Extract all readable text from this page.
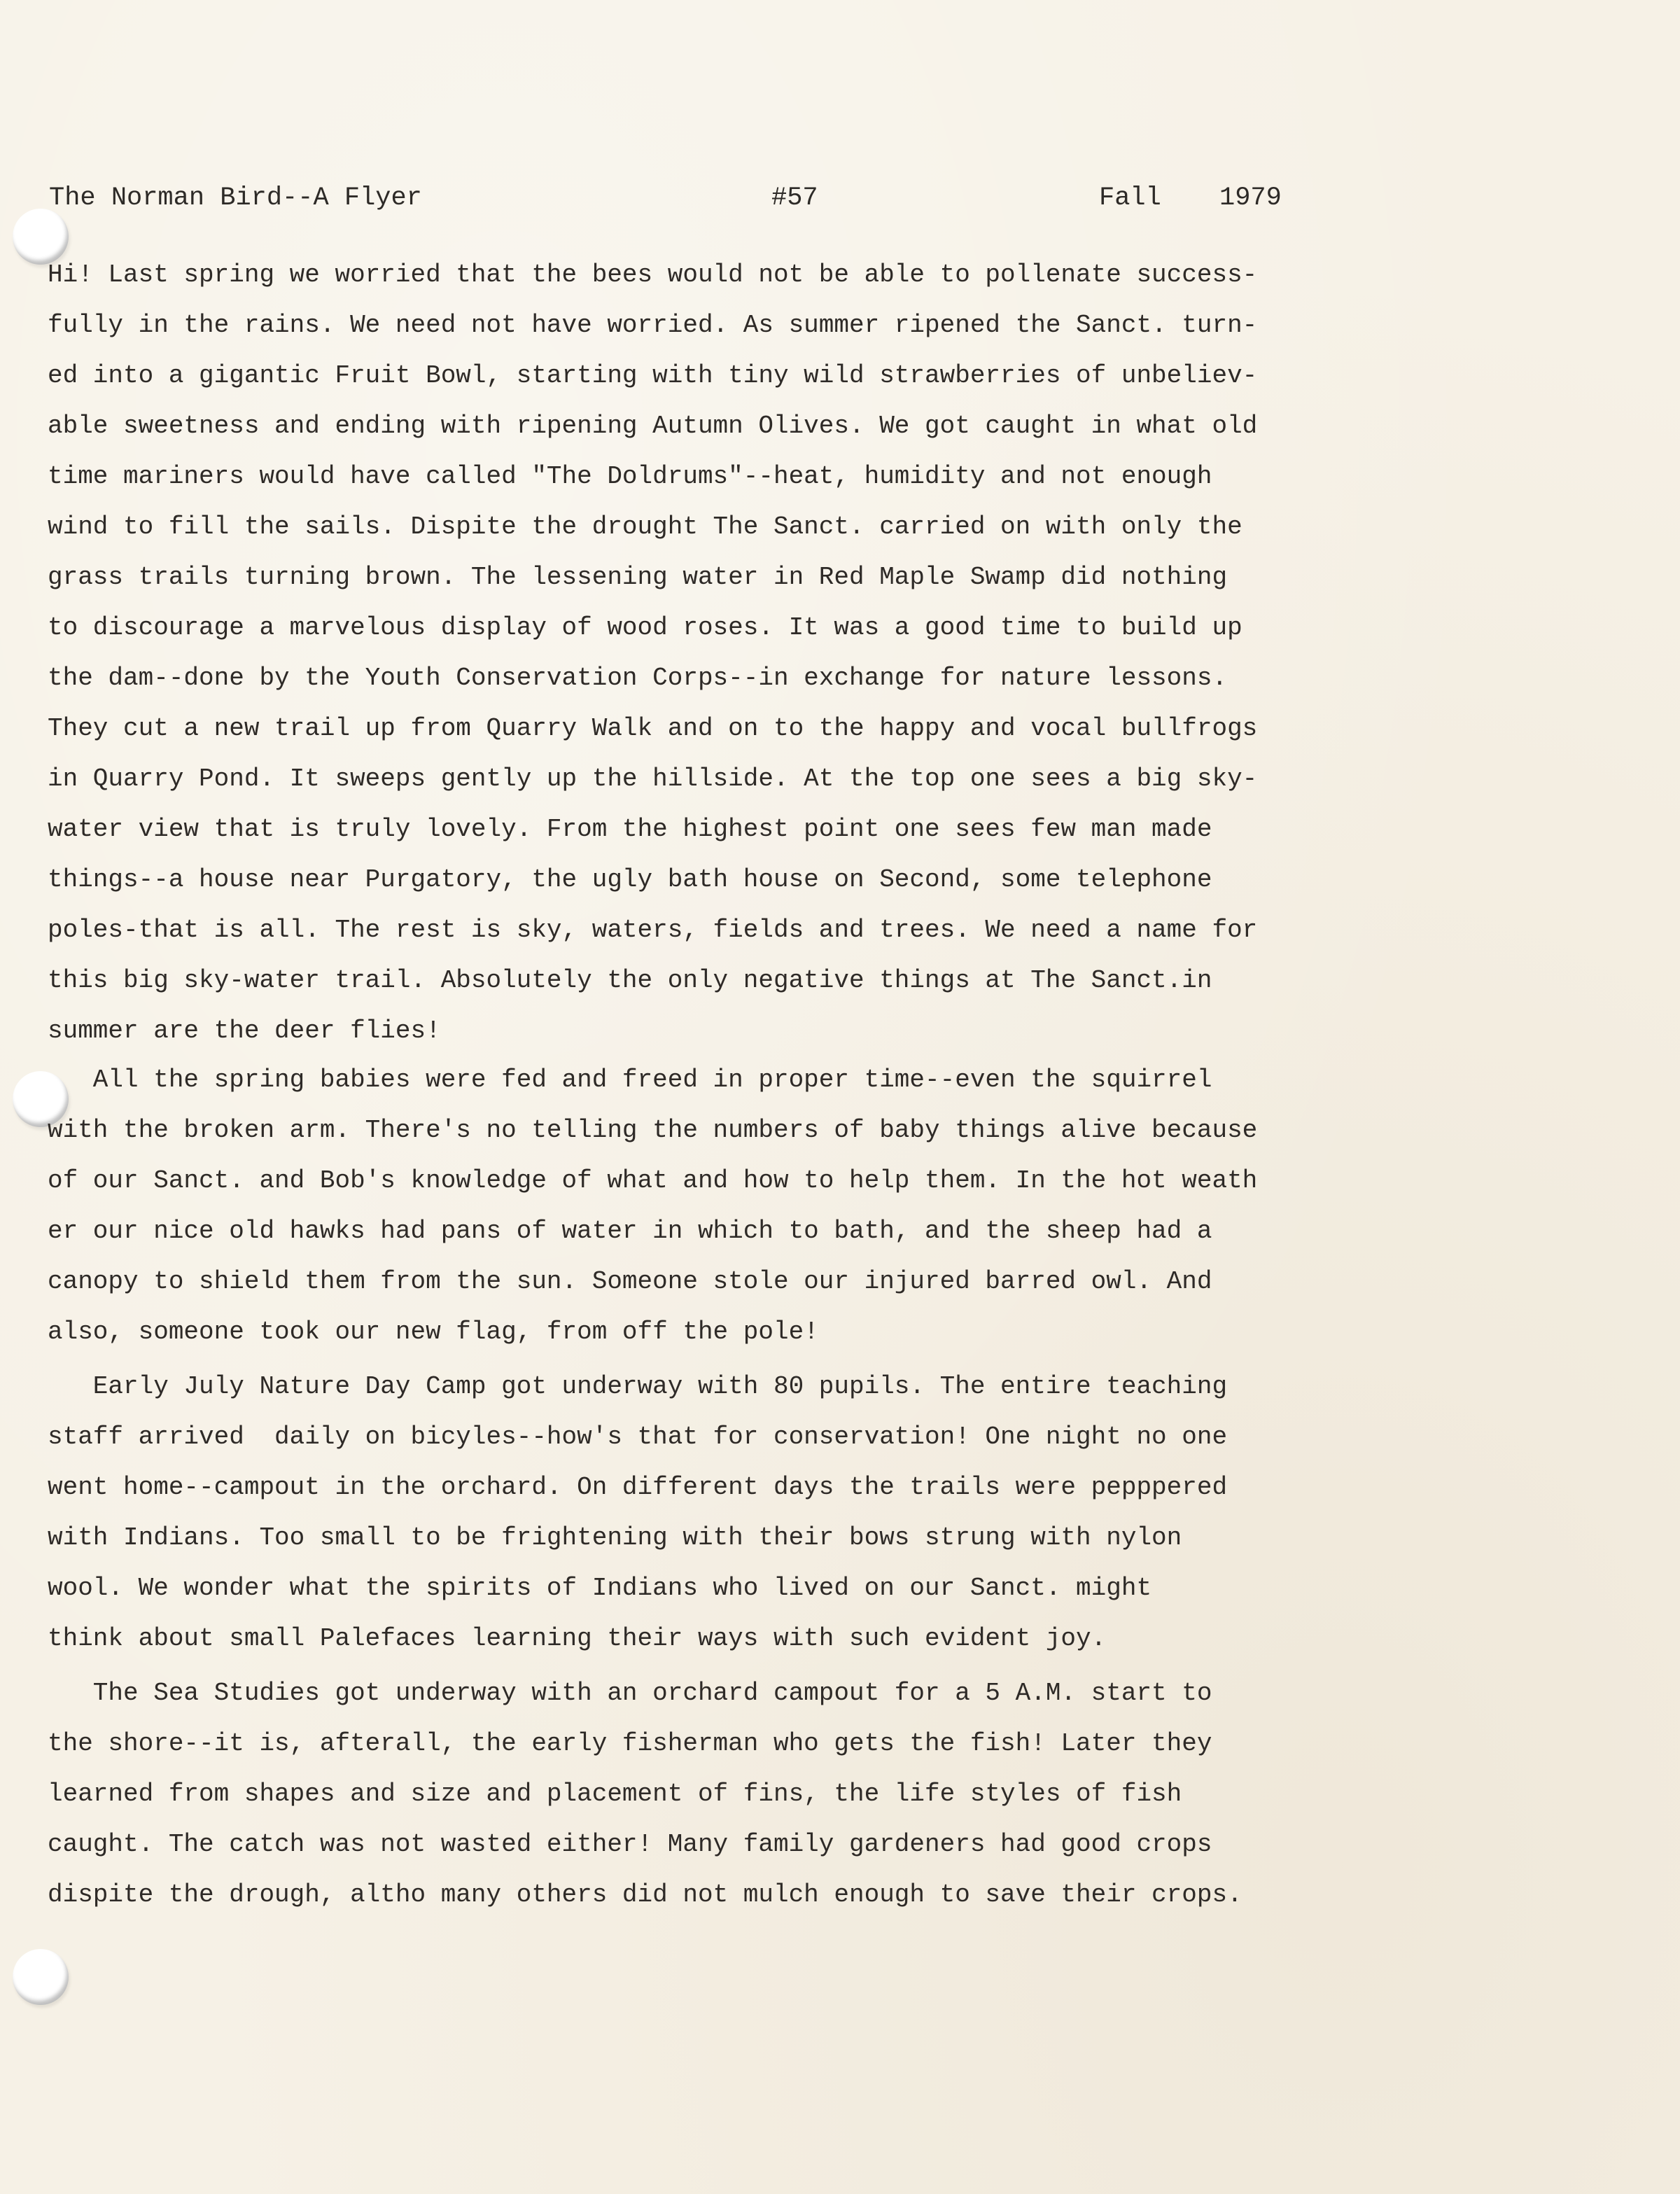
The Norman Bird--A Flyer	#57	Fall 1979
Hi! Last spring we worried that the bees would not be able to pollenate success-
fully in the rains. We need not have worried. As summer ripened the Sanct. turn-
ed into a gigantic Fruit Bowl, starting with tiny wild strawberries of unbeliev-
able sweetness and ending with ripening Autumn Olives. We got caught in what old
time mariners would have called "The Doldrums"--heat, humidity and not enough
wind to fill the sails. Dispite the drought The Sanct. carried on with only the
grass trails turning brown. The lessening water in Red Maple Swamp did nothing
to discourage a marvelous display of wood roses. It was a good time to build up
the dam--done by the Youth Conservation Corps--in exchange for nature lessons.
They cut a new trail up from Quarry Walk and on to the happy and vocal bullfrogs
in Quarry Pond. It sweeps gently up the hillside. At the top one sees a big sky-
water view that is truly lovely. From the highest point one sees few man made
things--a house near Purgatory, the ugly bath house on Second, some telephone
poles-that is all. The rest is sky, waters, fields and trees. We need a name for
this big sky-water trail. Absolutely the only negative things at The Sanct.in
summer are the deer flies!
All the spring babies were fed and freed in proper time--even the squirrel
with the broken arm. There's no telling the numbers of baby things alive because
of our Sanct. and Bob's knowledge of what and how to help them. In the hot weath
er our nice old hawks had pans of water in which to bath, and the sheep had a
canopy to shield them from the sun. Someone stole our injured barred owl. And
also, someone took our new flag, from off the pole!
Early July Nature Day Camp got underway with 80 pupils. The entire teaching
staff arrived  daily on bicyles--how's that for conservation! One night no one
went home--campout in the orchard. On different days the trails were pepppered
with Indians. Too small to be frightening with their bows strung with nylon
wool. We wonder what the spirits of Indians who lived on our Sanct. might
think about small Palefaces learning their ways with such evident joy.
The Sea Studies got underway with an orchard campout for a 5 A.M. start to
the shore--it is, afterall, the early fisherman who gets the fish! Later they
learned from shapes and size and placement of fins, the life styles of fish
caught. The catch was not wasted either! Many family gardeners had good crops
dispite the drough, altho many others did not mulch enough to save their crops.
